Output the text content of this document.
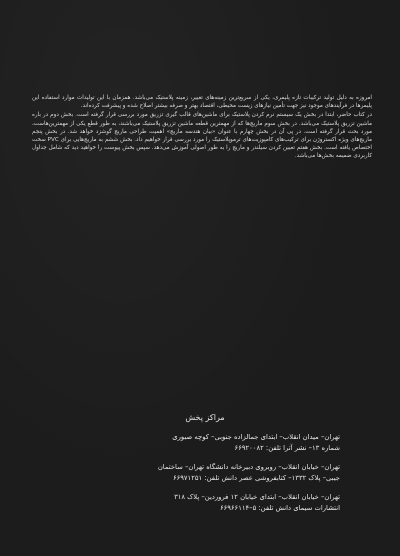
امروزه به دلیل تولید ترکیبات تازه پلیمری، یکی از سریع‌ترین زمینه‌های تغییر، زمینه پلاستیک می‌باشد. همزمان با این تولیدات موارد استفاده این پلیمرها در فرآیندهای موجود نیز جهت تأمین نیازهای زیست محیطی، اقتصاد بهتر و صرفه بیشتر اصلاح شده و پیشرفت کرده‌اند.

در کتاب حاضر، ابتدا در بخش یک سیستم نرم کردن پلاستیک برای ماشین‌های قالب گیری تزریق مورد بررسی قرار گرفته است. بخش دوم در باره ماشین تزریق پلاستیک می‌باشد. در بخش سوم ماریچ‌ها که از مهمترین قطعه ماشین تزریق پلاستیک می‌باشند، به طور قطع یکی از مهمترین‌هاست، مورد بحث قرار گرفته است. در پی آن در بخش چهارم با عنوان «بیان هندسه ماریچ» اهمیت طراحی ماریچ گوشزد خواهد شد. در بخش پنجم ماریچ‌های ویژه اکستروژن برای ترکیب‌های کامپوزیت‌های ترموپلاستیک را مورد بررسی قرار خواهیم داد. بخش ششم به ماریچ‌هایی برای PVC سخت اختصاص یافته است. بخش هفتم تعیین کردن سیلندر و ماریچ را به طور اصولی آموزش می‌دهد. سپس بخش پیوست را خواهید دید که شامل جداول کاربردی ضمیمه بخش‌ها می‌باشد.

مراکز پخش
تهران– میدان انقلاب– ابتدای جمالزاده جنوبی– کوچه صبوری
شماره ۱۳– نشر آترا تلفن: ۶۶۹۲۰۰۸۲
تهران– خیابان انقلاب– روبروی دبیرخانه دانشگاه تهران– ساختمان
جیبی– پلاک ۱۳۳۲– کتابفروشی عصر دانش تلفن: ۶۶۹۷۱۲۵۱
تهران– خیابان انقلاب– ابتدای خیابان ۱۲ فروردین– پلاک ۳۱۸
انتشارات سیمای دانش تلفن: ۵–۶۶۹۶۶۱۱۴
